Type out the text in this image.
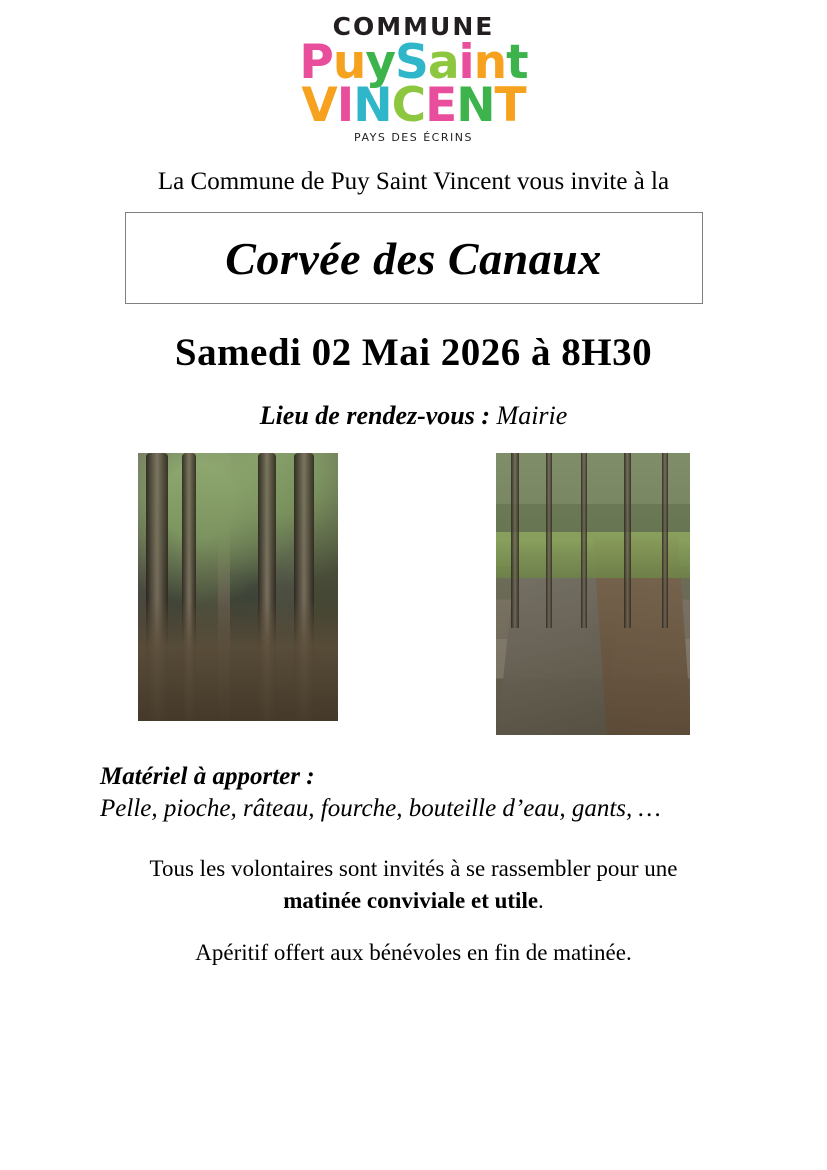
COMMUNE
PuySaint
VINCENT
PAYS DES ÉCRINS
La Commune de Puy Saint Vincent vous invite à la
Corvée des Canaux
Samedi 02 Mai 2026 à 8H30
Lieu de rendez-vous : Mairie
Matériel à apporter :
Pelle, pioche, râteau, fourche, bouteille d’eau, gants, …
Tous les volontaires sont invités à se rassembler pour une
matinée conviviale et utile.
Apéritif offert aux bénévoles en fin de matinée.
